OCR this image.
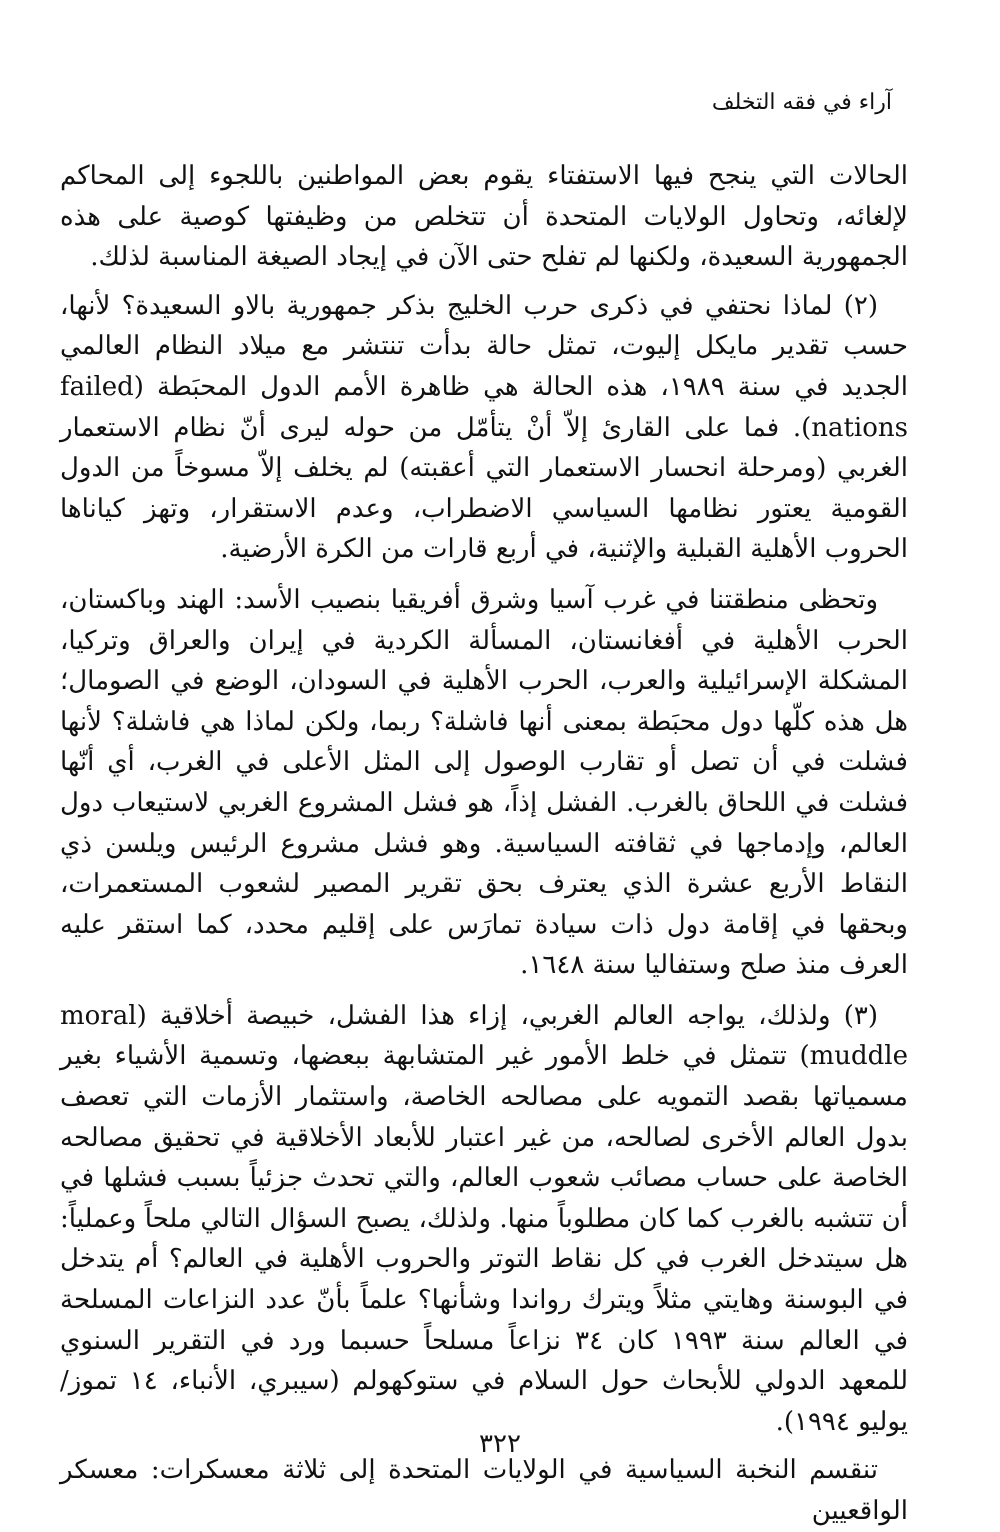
آراء في فقه التخلف

الحالات التي ينجح فيها الاستفتاء يقوم بعض المواطنين باللجوء إلى المحاكم لإلغائه، وتحاول الولايات المتحدة أن تتخلص من وظيفتها كوصية على هذه الجمهورية السعيدة، ولكنها لم تفلح حتى الآن في إيجاد الصيغة المناسبة لذلك.

(٢) لماذا نحتفي في ذكرى حرب الخليج بذكر جمهورية بالاو السعيدة؟ لأنها، حسب تقدير مايكل إليوت، تمثل حالة بدأت تنتشر مع ميلاد النظام العالمي الجديد في سنة ١٩٨٩، هذه الحالة هي ظاهرة الأمم الدول المحبَطة (failed nations). فما على القارئ إلاّ أنْ يتأمّل من حوله ليرى أنّ نظام الاستعمار الغربي (ومرحلة انحسار الاستعمار التي أعقبته) لم يخلف إلاّ مسوخاً من الدول القومية يعتور نظامها السياسي الاضطراب، وعدم الاستقرار، وتهز كياناها الحروب الأهلية القبلية والإثنية، في أربع قارات من الكرة الأرضية.

وتحظى منطقتنا في غرب آسيا وشرق أفريقيا بنصيب الأسد: الهند وباكستان، الحرب الأهلية في أفغانستان، المسألة الكردية في إيران والعراق وتركيا، المشكلة الإسرائيلية والعرب، الحرب الأهلية في السودان، الوضع في الصومال؛ هل هذه كلّها دول محبَطة بمعنى أنها فاشلة؟ ربما، ولكن لماذا هي فاشلة؟ لأنها فشلت في أن تصل أو تقارب الوصول إلى المثل الأعلى في الغرب، أي أنّها فشلت في اللحاق بالغرب. الفشل إذاً، هو فشل المشروع الغربي لاستيعاب دول العالم، وإدماجها في ثقافته السياسية. وهو فشل مشروع الرئيس ويلسن ذي النقاط الأربع عشرة الذي يعترف بحق تقرير المصير لشعوب المستعمرات، وبحقها في إقامة دول ذات سيادة تمارَس على إقليم محدد، كما استقر عليه العرف منذ صلح وستفاليا سنة ١٦٤٨.

(٣) ولذلك، يواجه العالم الغربي، إزاء هذا الفشل، خبيصة أخلاقية (moral muddle) تتمثل في خلط الأمور غير المتشابهة ببعضها، وتسمية الأشياء بغير مسمياتها بقصد التمويه على مصالحه الخاصة، واستثمار الأزمات التي تعصف بدول العالم الأخرى لصالحه، من غير اعتبار للأبعاد الأخلاقية في تحقيق مصالحه الخاصة على حساب مصائب شعوب العالم، والتي تحدث جزئياً بسبب فشلها في أن تتشبه بالغرب كما كان مطلوباً منها. ولذلك، يصبح السؤال التالي ملحاً وعملياً: هل سيتدخل الغرب في كل نقاط التوتر والحروب الأهلية في العالم؟ أم يتدخل في البوسنة وهايتي مثلاً ويترك رواندا وشأنها؟ علماً بأنّ عدد النزاعات المسلحة في العالم سنة ١٩٩٣ كان ٣٤ نزاعاً مسلحاً حسبما ورد في التقرير السنوي للمعهد الدولي للأبحاث حول السلام في ستوكهولم (سيبري، الأنباء، ١٤ تموز/يوليو ١٩٩٤).

تنقسم النخبة السياسية في الولايات المتحدة إلى ثلاثة معسكرات: معسكر الواقعيين

٣٢٢
